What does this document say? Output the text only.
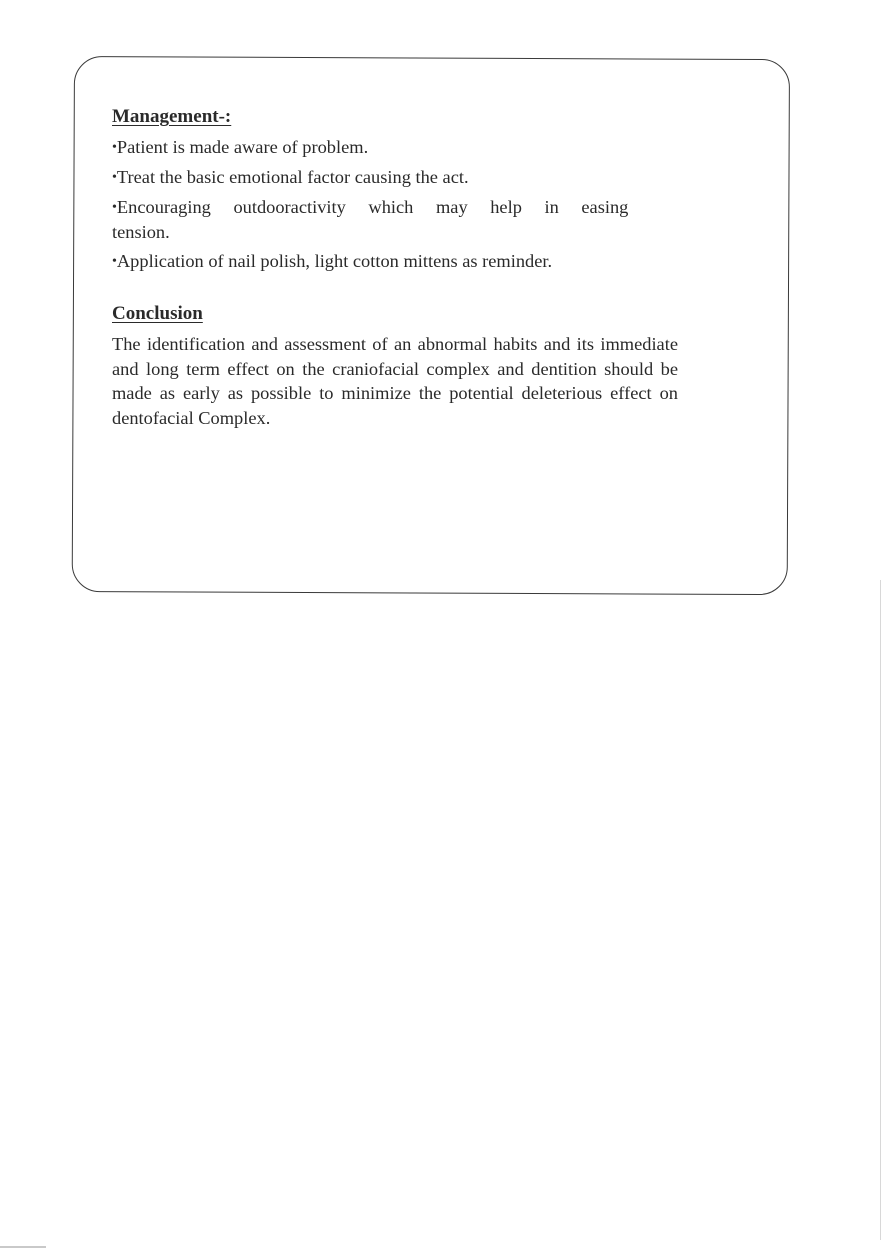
Management-:
•Patient is made aware of problem.
•Treat the basic emotional factor causing the act.
•Encouraging outdooractivity which may help in easing tension.
•Application of nail polish, light cotton mittens as reminder.
Conclusion

The identification and assessment of an abnormal habits and its immediate and long term effect on the craniofacial complex and dentition should be made as early as possible to minimize the potential deleterious effect on dentofacial Complex.
